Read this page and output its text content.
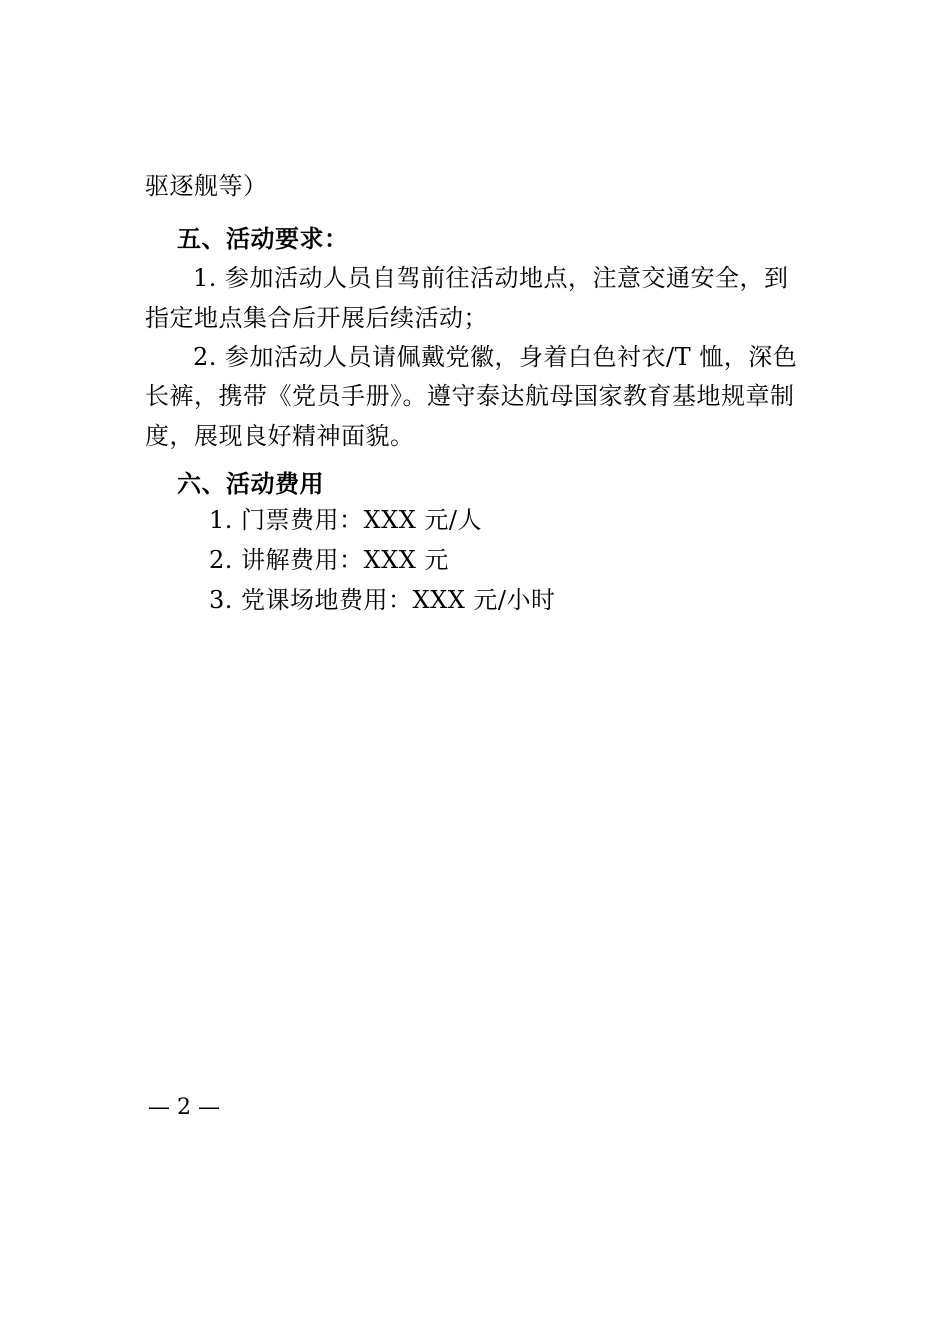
驱逐舰等）
五、活动要求：
1. 参加活动人员自驾前往活动地点，注意交通安全，到
指定地点集合后开展后续活动；
2. 参加活动人员请佩戴党徽，身着白色衬衣/T 恤，深色
长裤，携带《党员手册》。遵守泰达航母国家教育基地规章制
度，展现良好精神面貌。
六、活动费用
1. 门票费用：XXX 元/人
2. 讲解费用：XXX 元
3. 党课场地费用：XXX 元/小时
— 2 —
